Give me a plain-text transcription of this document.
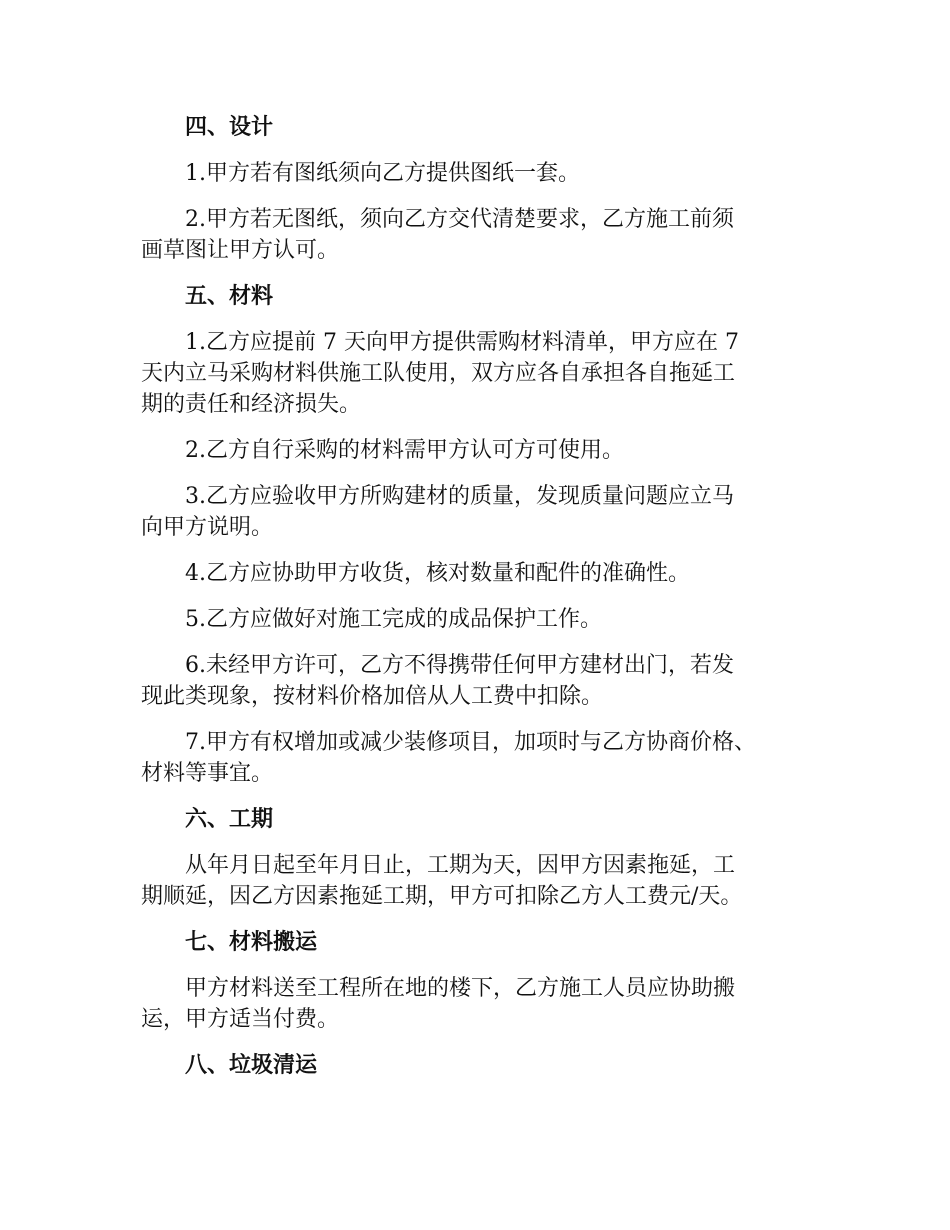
四、设计
1.甲方若有图纸须向乙方提供图纸一套。
2.甲方若无图纸，须向乙方交代清楚要求，乙方施工前须
画草图让甲方认可。
五、材料
1.乙方应提前 7 天向甲方提供需购材料清单，甲方应在 7
天内立马采购材料供施工队使用，双方应各自承担各自拖延工
期的责任和经济损失。
2.乙方自行采购的材料需甲方认可方可使用。
3.乙方应验收甲方所购建材的质量，发现质量问题应立马
向甲方说明。
4.乙方应协助甲方收货，核对数量和配件的准确性。
5.乙方应做好对施工完成的成品保护工作。
6.未经甲方许可，乙方不得携带任何甲方建材出门，若发
现此类现象，按材料价格加倍从人工费中扣除。
7.甲方有权增加或减少装修项目，加项时与乙方协商价格、
材料等事宜。
六、工期
从年月日起至年月日止，工期为天，因甲方因素拖延，工
期顺延，因乙方因素拖延工期，甲方可扣除乙方人工费元/天。
七、材料搬运
甲方材料送至工程所在地的楼下，乙方施工人员应协助搬
运，甲方适当付费。
八、垃圾清运
